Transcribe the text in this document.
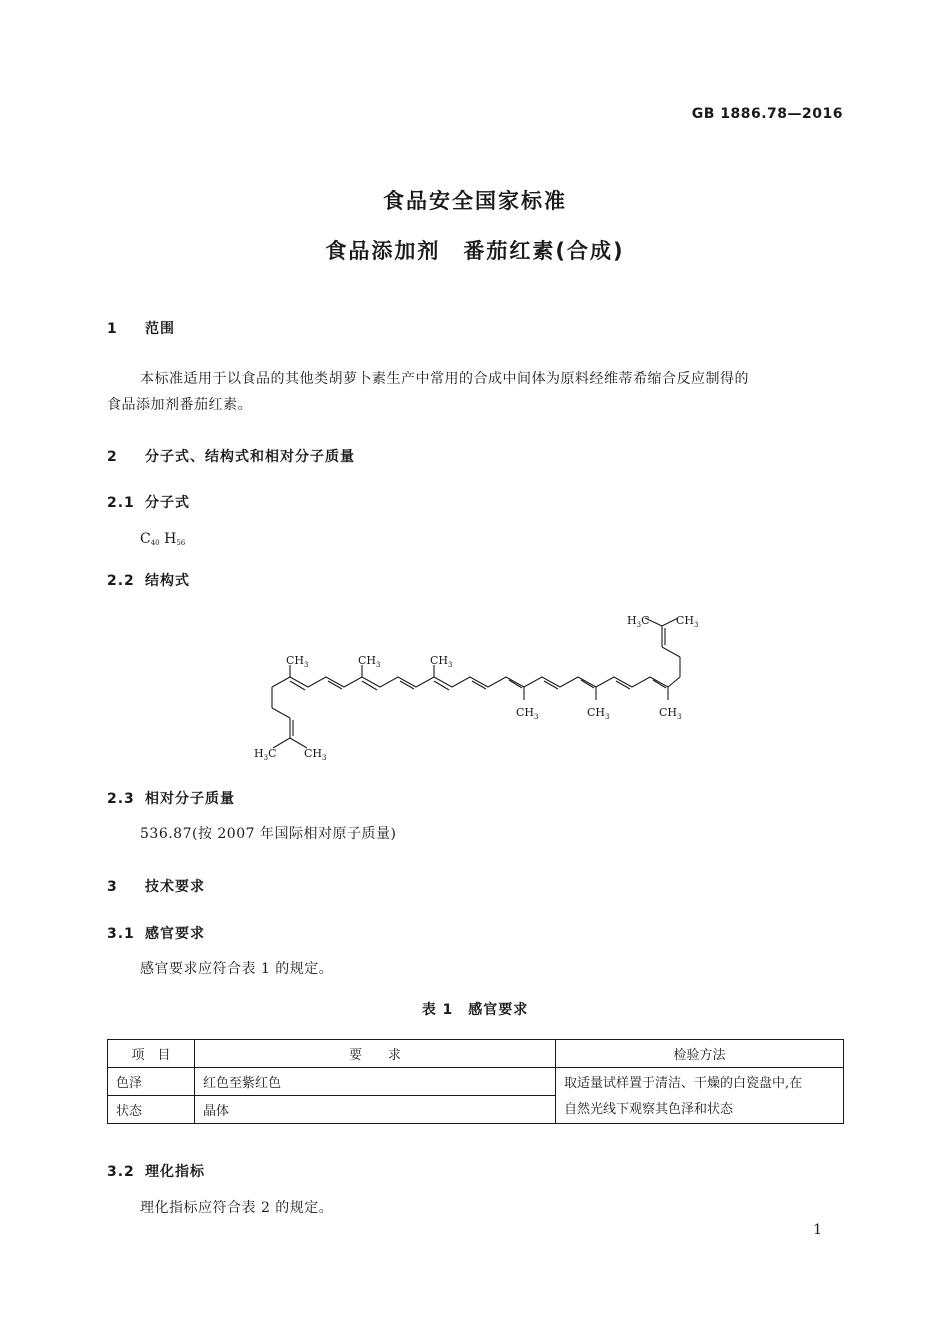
GB 1886.78—2016
食品安全国家标准
食品添加剂　番茄红素(合成)
1 范围
本标准适用于以食品的其他类胡萝卜素生产中常用的合成中间体为原料经维蒂希缩合反应制得的
食品添加剂番茄红素。
2 分子式、结构式和相对分子质量
2.1 分子式
$C_{40}$ $H_{56}$
2.2 结构式
$CH_3$	$CH_3$	$CH_3$
$CH_3$	$CH_3$	$CH_3$
$H_3C$	$CH_3$
$H_3C$ $CH_3$
2.3 相对分子质量
536.87(按 2007 年国际相对原子质量)
3 技术要求
3.1 感官要求
感官要求应符合表 1 的规定。
表 1　感官要求
项　目	要　　求	检验方法
色泽	红色至紫红色	取适量试样置于清洁、干燥的白瓷盘中,在
自然光线下观察其色泽和状态

状态	晶体	
3.2 理化指标
理化指标应符合表 2 的规定。
1
